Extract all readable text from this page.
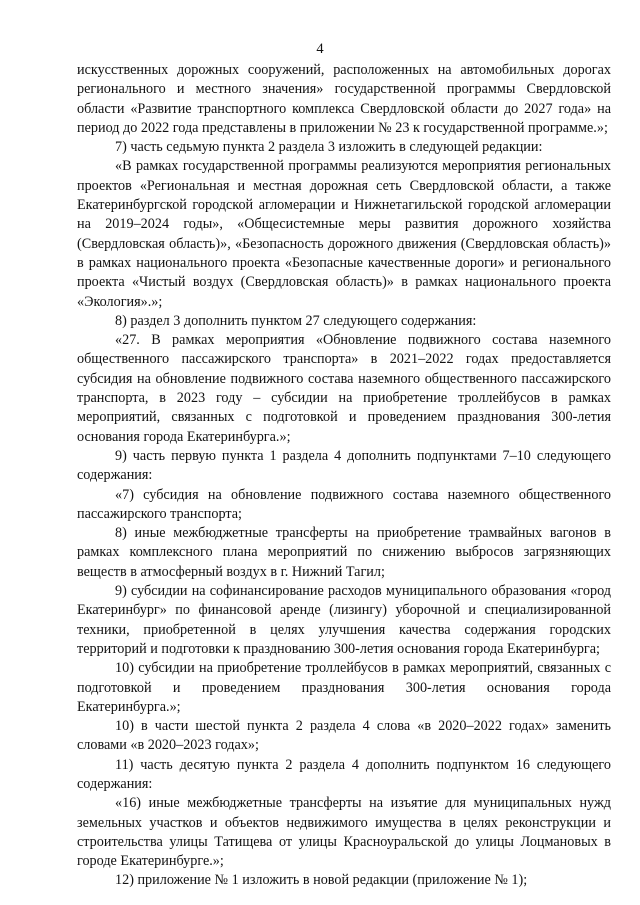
4

искусственных дорожных сооружений, расположенных на автомобильных дорогах регионального и местного значения» государственной программы Свердловской области «Развитие транспортного комплекса Свердловской области до 2027 года» на период до 2022 года представлены в приложении № 23 к государственной программе.»;

7) часть седьмую пункта 2 раздела 3 изложить в следующей редакции:

«В рамках государственной программы реализуются мероприятия региональных проектов «Региональная и местная дорожная сеть Свердловской области, а также Екатеринбургской городской агломерации и Нижнетагильской городской агломерации на 2019–2024 годы», «Общесистемные меры развития дорожного хозяйства (Свердловская область)», «Безопасность дорожного движения (Свердловская область)» в рамках национального проекта «Безопасные качественные дороги» и регионального проекта «Чистый воздух (Свердловская область)» в рамках национального проекта «Экология».»;

8) раздел 3 дополнить пунктом 27 следующего содержания:

«27. В рамках мероприятия «Обновление подвижного состава наземного общественного пассажирского транспорта» в 2021–2022 годах предоставляется субсидия на обновление подвижного состава наземного общественного пассажирского транспорта, в 2023 году – субсидии на приобретение троллейбусов в рамках мероприятий, связанных с подготовкой и проведением празднования 300-летия основания города Екатеринбурга.»;

9) часть первую пункта 1 раздела 4 дополнить подпунктами 7–10 следующего содержания:

«7) субсидия на обновление подвижного состава наземного общественного пассажирского транспорта;

8) иные межбюджетные трансферты на приобретение трамвайных вагонов в рамках комплексного плана мероприятий по снижению выбросов загрязняющих веществ в атмосферный воздух в г. Нижний Тагил;

9) субсидии на софинансирование расходов муниципального образования «город Екатеринбург» по финансовой аренде (лизингу) уборочной и специализированной техники, приобретенной в целях улучшения качества содержания городских территорий и подготовки к празднованию 300-летия основания города Екатеринбурга;

10) субсидии на приобретение троллейбусов в рамках мероприятий, связанных с подготовкой и проведением празднования 300-летия основания города Екатеринбурга.»;

10) в части шестой пункта 2 раздела 4 слова «в 2020–2022 годах» заменить словами «в 2020–2023 годах»;

11) часть десятую пункта 2 раздела 4 дополнить подпунктом 16 следующего содержания:

«16) иные межбюджетные трансферты на изъятие для муниципальных нужд земельных участков и объектов недвижимого имущества в целях реконструкции и строительства улицы Татищева от улицы Красноуральской до улицы Лоцмановых в городе Екатеринбурге.»;

12) приложение № 1 изложить в новой редакции (приложение № 1);
